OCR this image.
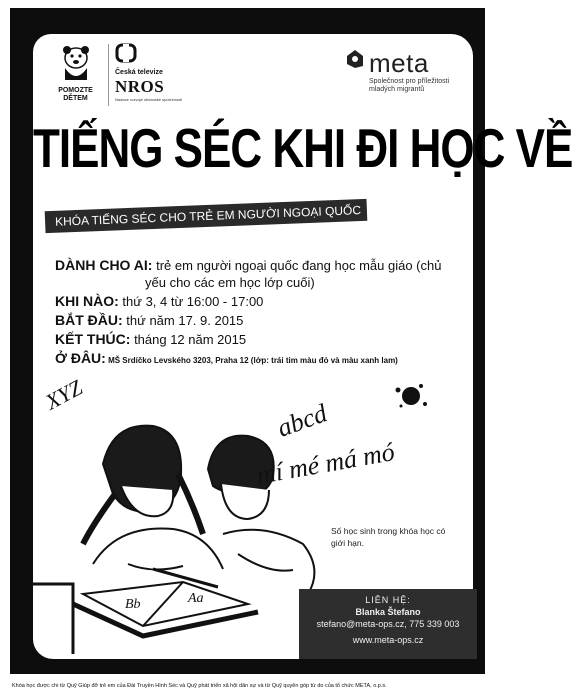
POMOZTE DĚTEM
Česká televize
NROS
Nadace rozvoje občanské společnosti
meta
Společnost pro příležitosti mladých migrantů
TIẾNG SÉC KHI ĐI HỌC VỀ
KHÓA TIẾNG SÉC CHO TRẺ EM NGƯỜI NGOẠI QUỐC
DÀNH CHO AI: trẻ em người ngoại quốc đang học mẫu giáo (chủ
yếu cho các em học lớp cuối)
KHI NÀO: thứ 3, 4 từ 16:00 - 17:00
BẮT ĐẦU: thứ năm 17. 9. 2015
KẾT THÚC: tháng 12 năm 2015
Ở ĐÂU: MŠ Srdíčko Levského 3203, Praha 12 (lớp: trái tim màu đỏ và màu xanh lam)
Bb	Aa
XYZ
abcd
mí mé má mó
Số học sinh trong khóa học có giới hạn.
LIÊN HỆ:
Blanka Štefano
stefano@meta-ops.cz, 775 339 003
www.meta-ops.cz
Khóa học được chi từ Quỹ Giúp đỡ trẻ em của Đài Truyền Hình Séc và Quỹ phát triển xã hội dân sự và từ Quỹ quyên góp từ do của tổ chức META, o.p.s.
